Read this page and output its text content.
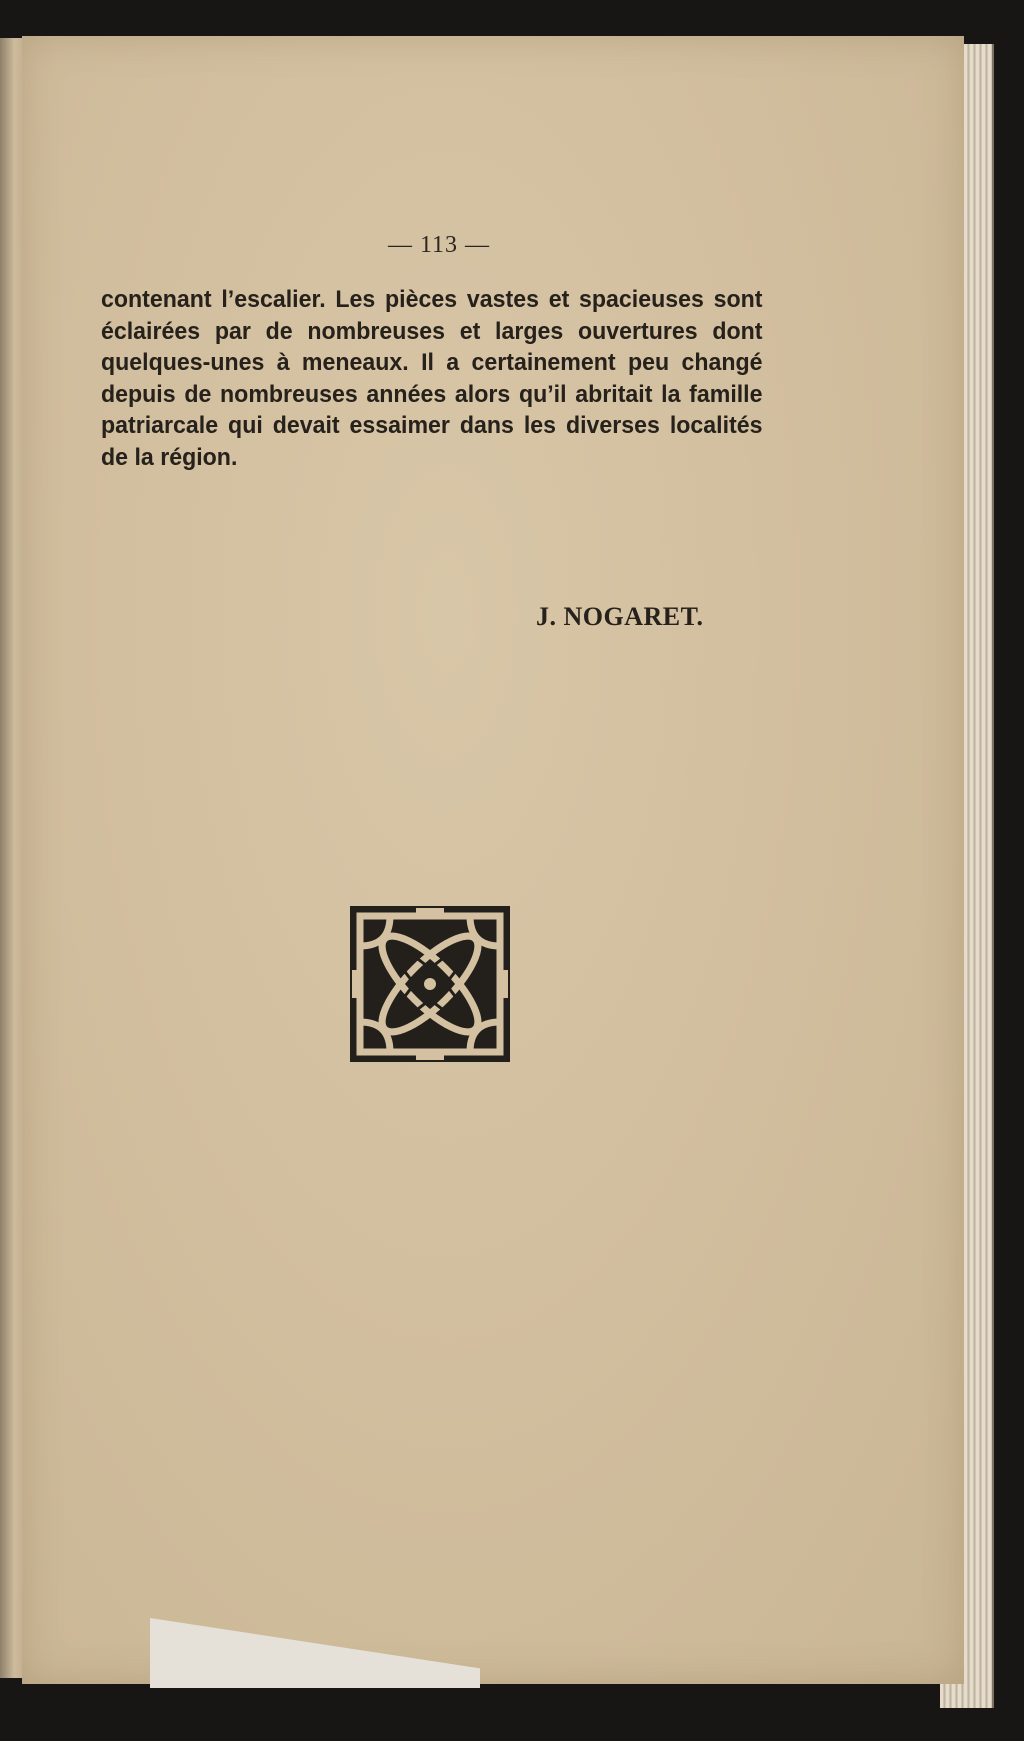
— 113 —

contenant l’escalier. Les pièces vastes et spacieuses sont éclairées par de nombreuses et larges ouvertures dont quelques-unes à meneaux. Il a certainement peu changé depuis de nombreuses années alors qu’il abritait la famille patriarcale qui devait essaimer dans les diverses localités de la région.

J. NOGARET.
